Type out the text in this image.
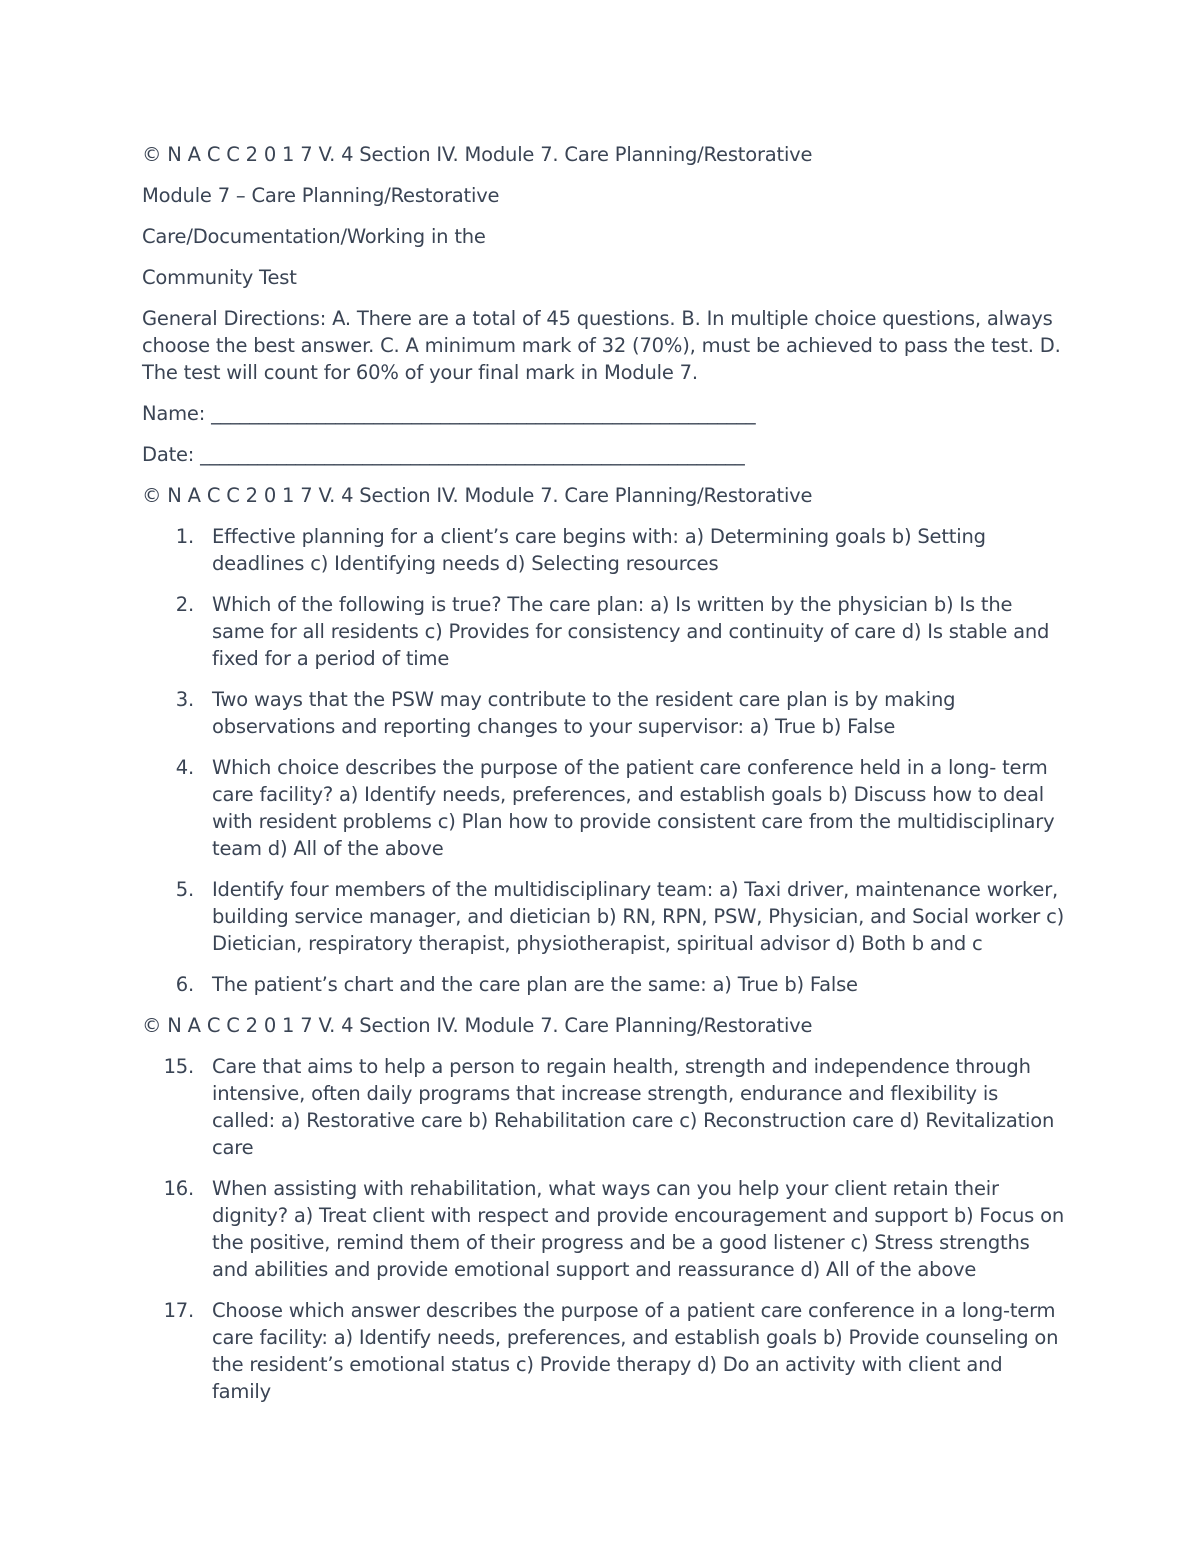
© N A C C 2 0 1 7 V. 4 Section IV. Module 7. Care Planning/Restorative

Module 7 – Care Planning/Restorative

Care/Documentation/Working in the

Community Test

General Directions: A. There are a total of 45 questions. B. In multiple choice questions, always choose the best answer. C. A minimum mark of 32 (70%), must be achieved to pass the test. D. The test will count for 60% of your final mark in Module 7.

Name: _________________________________________________________

Date: _________________________________________________________

© N A C C 2 0 1 7 V. 4 Section IV. Module 7. Care Planning/Restorative

1. Effective planning for a client’s care begins with: a) Determining goals b) Setting deadlines c) Identifying needs d) Selecting resources
2. Which of the following is true? The care plan: a) Is written by the physician b) Is the same for all residents c) Provides for consistency and continuity of care d) Is stable and fixed for a period of time
3. Two ways that the PSW may contribute to the resident care plan is by making observations and reporting changes to your supervisor: a) True b) False
4. Which choice describes the purpose of the patient care conference held in a long- term care facility? a) Identify needs, preferences, and establish goals b) Discuss how to deal with resident problems c) Plan how to provide consistent care from the multidisciplinary team d) All of the above
5. Identify four members of the multidisciplinary team: a) Taxi driver, maintenance worker, building service manager, and dietician b) RN, RPN, PSW, Physician, and Social worker c) Dietician, respiratory therapist, physiotherapist, spiritual advisor d) Both b and c
6. The patient’s chart and the care plan are the same: a) True b) False

© N A C C 2 0 1 7 V. 4 Section IV. Module 7. Care Planning/Restorative

15. Care that aims to help a person to regain health, strength and independence through intensive, often daily programs that increase strength, endurance and flexibility is called: a) Restorative care b) Rehabilitation care c) Reconstruction care d) Revitalization care
16. When assisting with rehabilitation, what ways can you help your client retain their dignity? a) Treat client with respect and provide encouragement and support b) Focus on the positive, remind them of their progress and be a good listener c) Stress strengths and abilities and provide emotional support and reassurance d) All of the above
17. Choose which answer describes the purpose of a patient care conference in a long-term care facility: a) Identify needs, preferences, and establish goals b) Provide counseling on the resident’s emotional status c) Provide therapy d) Do an activity with client and family
